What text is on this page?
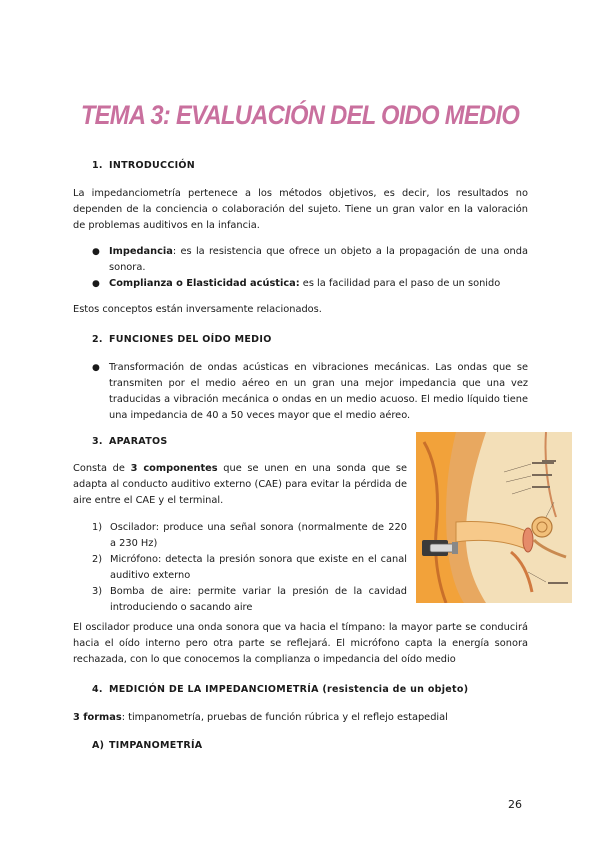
TEMA 3: EVALUACIÓN DEL OIDO MEDIO
1. INTRODUCCIÓN
La impedanciometría pertenece a los métodos objetivos, es decir, los resultados no dependen de la conciencia o colaboración del sujeto. Tiene un gran valor en la valoración de problemas auditivos en la infancia.
● Impedancia: es la resistencia que ofrece un objeto a la propagación de una onda sonora.
● Complianza o Elasticidad acústica: es la facilidad para el paso de un sonido
Estos conceptos están inversamente relacionados.
2. FUNCIONES DEL OÍDO MEDIO
● Transformación de ondas acústicas en vibraciones mecánicas. Las ondas que se transmiten por el medio aéreo en un gran una mejor impedancia que una vez traducidas a vibración mecánica o ondas en un medio acuoso. El medio líquido tiene una impedancia de 40 a 50 veces mayor que el medio aéreo.
3. APARATOS
Consta de 3 componentes que se unen en una sonda que se adapta al conducto auditivo externo (CAE) para evitar la pérdida de aire entre el CAE y el terminal.
1) Oscilador: produce una señal sonora (normalmente de 220 a 230 Hz)
2) Micrófono: detecta la presión sonora que existe en el canal auditivo externo
3) Bomba de aire: permite variar la presión de la cavidad introduciendo o sacando aire
El oscilador produce una onda sonora que va hacia el tímpano: la mayor parte se conducirá hacia el oído interno pero otra parte se reflejará. El micrófono capta la energía sonora rechazada, con lo que conocemos la complianza o impedancia del oído medio
4. MEDICIÓN DE LA IMPEDANCIOMETRÍA (resistencia de un objeto)
3 formas: timpanometría, pruebas de función rúbrica y el reflejo estapedial
A) TIMPANOMETRÍA
26
